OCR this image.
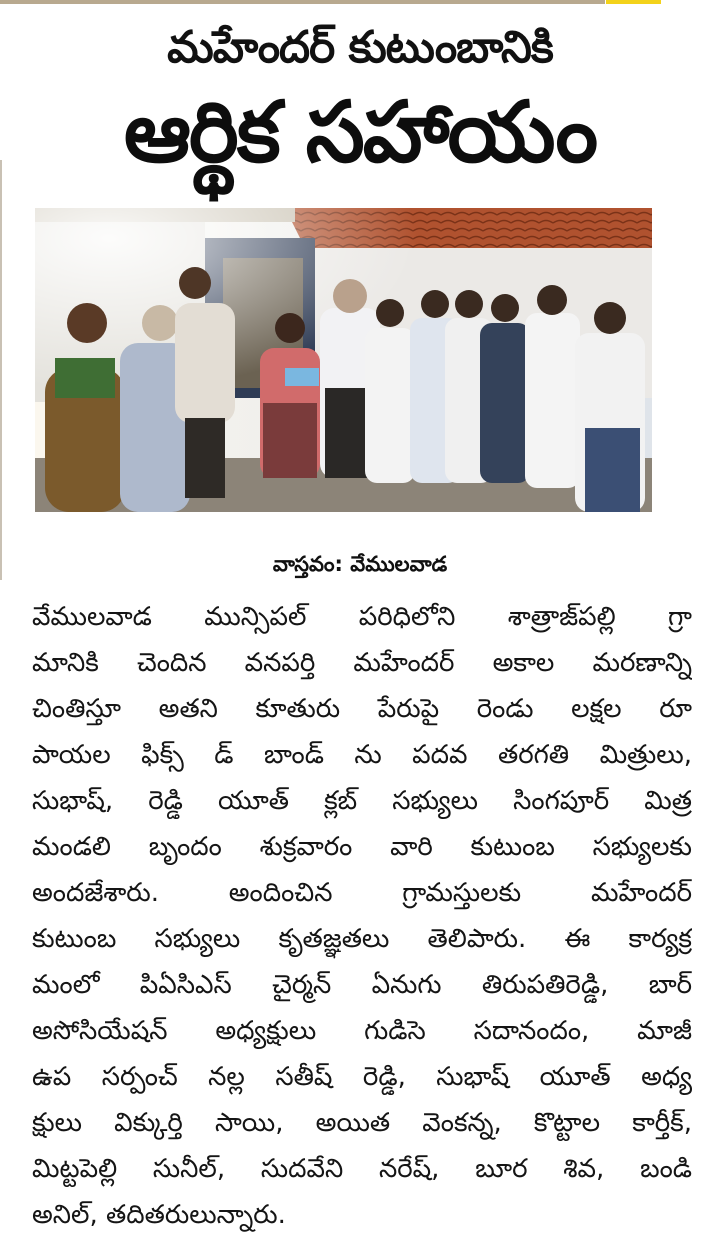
మహేందర్ కుటుంబానికి
ఆర్థిక సహాయం
వాస్తవం: వేములవాడ
వేములవాడ మున్సిపల్ పరిధిలోని శాత్రాజ్‌పల్లి గ్రా
మానికి చెందిన వనపర్తి మహేందర్ అకాల మరణాన్ని
చింతిస్తూ అతని కూతురు పేరుపై రెండు లక్షల రూ
పాయల ఫిక్స్ డ్ బాండ్ ను పదవ తరగతి మిత్రులు,
సుభాష్, రెడ్డి యూత్ క్లబ్ సభ్యులు సింగపూర్ మిత్ర
మండలి బృందం శుక్రవారం వారి కుటుంబ సభ్యులకు
అందజేశారు. అందించిన గ్రామస్తులకు మహేందర్
కుటుంబ సభ్యులు కృతజ్ఞతలు తెలిపారు. ఈ కార్యక్ర
మంలో పిఏసిఎస్ చైర్మన్ ఏనుగు తిరుపతిరెడ్డి, బార్
అసోసియేషన్ అధ్యక్షులు గుడిసె సదానందం, మాజీ
ఉప సర్పంచ్ నల్ల సతీష్ రెడ్డి, సుభాష్ యూత్ అధ్య
క్షులు విక్కుర్తి సాయి, అయిత వెంకన్న, కొట్టాల కార్తీక్,
మిట్టపెల్లి సునీల్, సుదవేని నరేష్, బూర శివ, బండి
అనిల్, తదితరులున్నారు.
